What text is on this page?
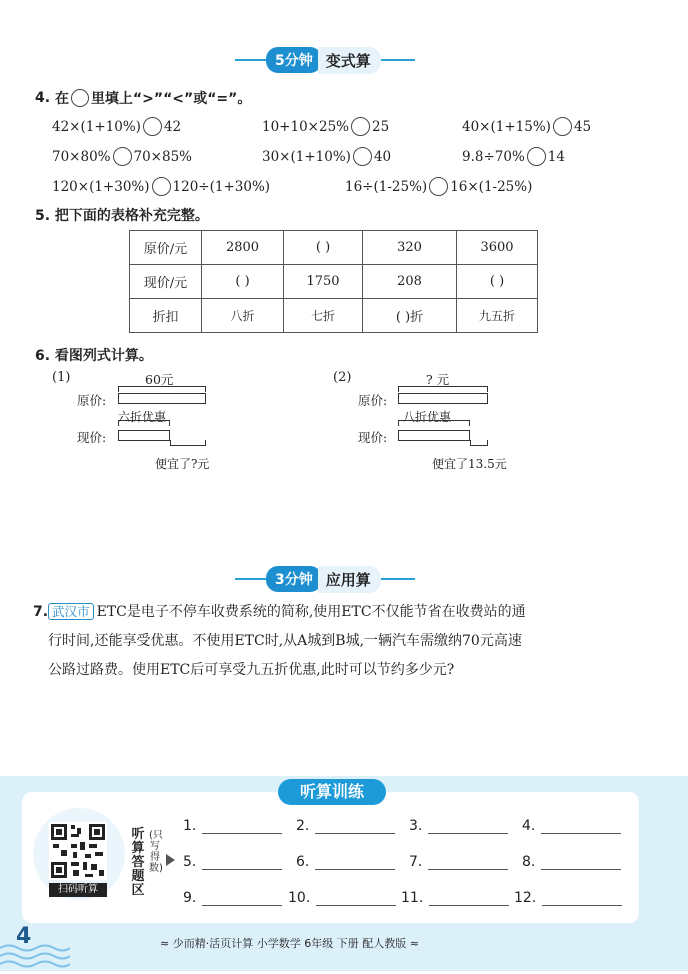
5分钟 变式算
4.
在 里填上“>”“<”或“=”。
42×(1+10%) 42	10+10×25% 25	40×(1+15%) 45
70×80% 70×85%	30×(1+10%) 40	9.8÷70% 14
120×(1+30%) 120÷(1+30%)	16÷(1-25%) 16×(1-25%)
5. 把下面的表格补充完整。
原价/元	2800	( )	320	3600
现价/元	( )	1750	208	( )
折扣	八折	七折	( )折	九五折
6. 看图列式计算。
(1)	60元
原价:
六折优惠
现价:
便宜了?元
(2)	? 元
原价:
八折优惠
现价:
便宜了13.5元
3分钟 应用算
7. 武汉市 ETC是电子不停车收费系统的简称,使用ETC不仅能节省在收费站的通
行时间,还能享受优惠。不使用ETC时,从A城到B城,一辆汽车需缴纳70元高速
公路过路费。使用ETC后可享受九五折优惠,此时可以节约多少元?
听算训练
扫码听算
听算答题区
(只写得数)
1.	2.	3.	4.
5.	6.	7.	8.
9.	10.	11.	12.
4	≈ 少而精·活页计算 小学数学 6年级 下册 配人教版 ≈
